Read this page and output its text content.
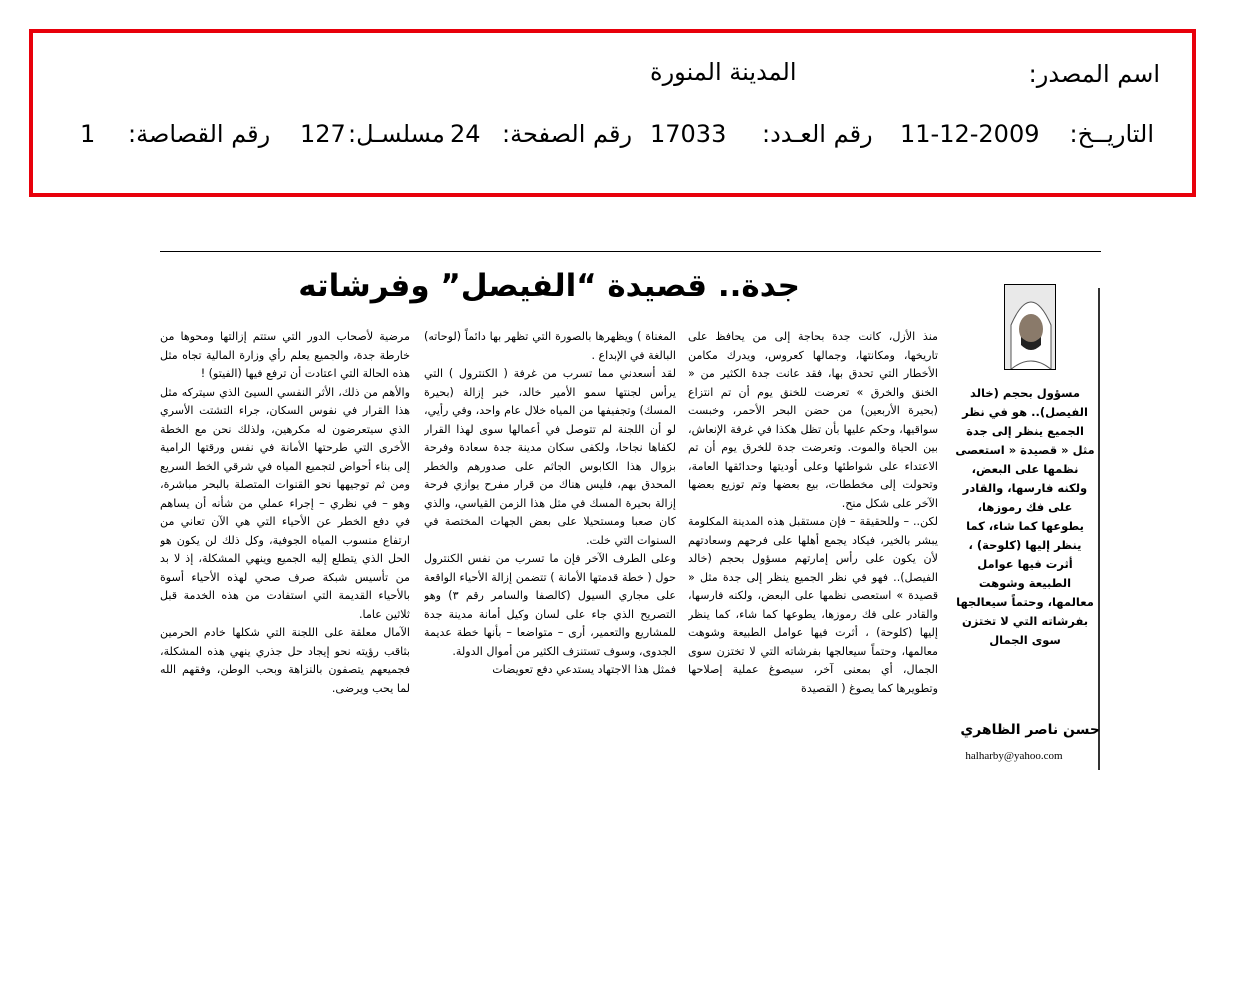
اسم المصدر:
المدينة المنورة
التاريــخ:
11-12-2009
رقم العـدد:
17033
رقم الصفحة:
24
مسلسـل:
127
رقم القصاصة:
1
جدة.. قصيدة “الفيصل” وفرشاته
مسؤول بحجم (خالد الفيصل).. هو في نظر الجميع ينظر إلى جدة مثل « قصيدة « استعصى نظمها على البعض، ولكنه فارسها، والقادر على فك رموزها، يطوعها كما شاء، كما ينظر إليها (كلوحة) ، أثرت فيها عوامل الطبيعة وشوهت معالمها، وحتماً سيعالجها بفرشاته التي لا تختزن سوى الجمال
حسن ناصر الظاهري
halharby@yahoo.com

منذ الأزل، كانت جدة بحاجة إلى من يحافظ على تاريخها، ومكانتها، وجمالها كعروس، ويدرك مكامن الأخطار التي تحدق بها، فقد عانت جدة الكثير من « الخنق والخرق » تعرضت للخنق يوم أن تم انتزاع (بحيرة الأربعين) من حضن البحر الأحمر، وخبست سواقيها، وحكم عليها بأن تظل هكذا في غرفة الإنعاش، بين الحياة والموت. وتعرضت جدة للخرق يوم أن تم الاعتداء على شواطئها وعلى أوديتها وحدائقها العامة، وتحولت إلى مخططات، بيع بعضها وتم توزيع بعضها الآخر على شكل منح.

لكن.. – وللحقيقة – فإن مستقبل هذه المدينة المكلومة يبشر بالخير، فيكاد يجمع أهلها على فرحهم وسعادتهم لأن يكون على رأس إمارتهم مسؤول بحجم (خالد الفيصل).. فهو في نظر الجميع ينظر إلى جدة مثل « قصيدة » استعصى نظمها على البعض، ولكنه فارسها، والقادر على فك رموزها، يطوعها كما شاء، كما ينظر إليها (كلوحة) ، أثرت فيها عوامل الطبيعة وشوهت معالمها، وحتماً سيعالجها بفرشاته التي لا تختزن سوى الجمال، أي بمعنى آخر، سيصوغ عملية إصلاحها وتطويرها كما يصوغ ( القصيدة

المغناة ) ويظهرها بالصورة التي تظهر بها دائماً (لوحاته) البالغة في الإبداع .

لقد أسعدني مما تسرب من غرفة ( الكنترول ) التي يرأس لجنتها سمو الأمير خالد، خبر إزالة (بحيرة المسك) وتجفيفها من المياه خلال عام واحد، وفي رأيي، لو أن اللجنة لم تتوصل في أعمالها سوى لهذا القرار لكفاها نجاحا، ولكفى سكان مدينة جدة سعادة وفرحة بزوال هذا الكابوس الجاثم على صدورهم والخطر المحدق بهم، فليس هناك من قرار مفرح يوازي فرحة إزالة بحيرة المسك في مثل هذا الزمن القياسي، والذي كان صعبا ومستحيلا على بعض الجهات المختصة في السنوات التي خلت.

وعلى الطرف الآخر فإن ما تسرب من نفس الكنترول حول ( خطة قدمتها الأمانة ) تتضمن إزالة الأحياء الواقعة على مجاري السيول (كالصفا والسامر رقم ٣) وهو التصريح الذي جاء على لسان وكيل أمانة مدينة جدة للمشاريع والتعمير، أرى – متواضعا – بأنها خطة عديمة الجدوى، وسوف تستنزف الكثير من أموال الدولة.

فمثل هذا الاجتهاد يستدعي دفع تعويضات

مرضية لأصحاب الدور التي ستتم إزالتها ومحوها من خارطة جدة، والجميع يعلم رأي وزارة المالية تجاه مثل هذه الحالة التي اعتادت أن ترفع فيها (الفيتو) !

والأهم من ذلك، الأثر النفسي السيئ الذي سيتركه مثل هذا القرار في نفوس السكان، جراء التشتت الأسري الذي سيتعرضون له مكرهين، ولذلك نحن مع الخطة الأخرى التي طرحتها الأمانة في نفس ورقتها الرامية إلى بناء أحواض لتجميع المياه في شرقي الخط السريع ومن ثم توجيهها نحو القنوات المتصلة بالبحر مباشرة، وهو – في نظري – إجراء عملي من شأنه أن يساهم في دفع الخطر عن الأحياء التي هي الآن تعاني من ارتفاع منسوب المياه الجوفية، وكل ذلك لن يكون هو الحل الذي يتطلع إليه الجميع وينهي المشكلة، إذ لا بد من تأسيس شبكة صرف صحي لهذه الأحياء أسوة بالأحياء القديمة التي استفادت من هذه الخدمة قبل ثلاثين عاما.

الآمال معلقة على اللجنة التي شكلها خادم الحرمين بثاقب رؤيته نحو إيجاد حل جذري ينهي هذه المشكلة، فجميعهم يتصفون بالنزاهة وبحب الوطن، وفقهم الله لما يحب ويرضى.
